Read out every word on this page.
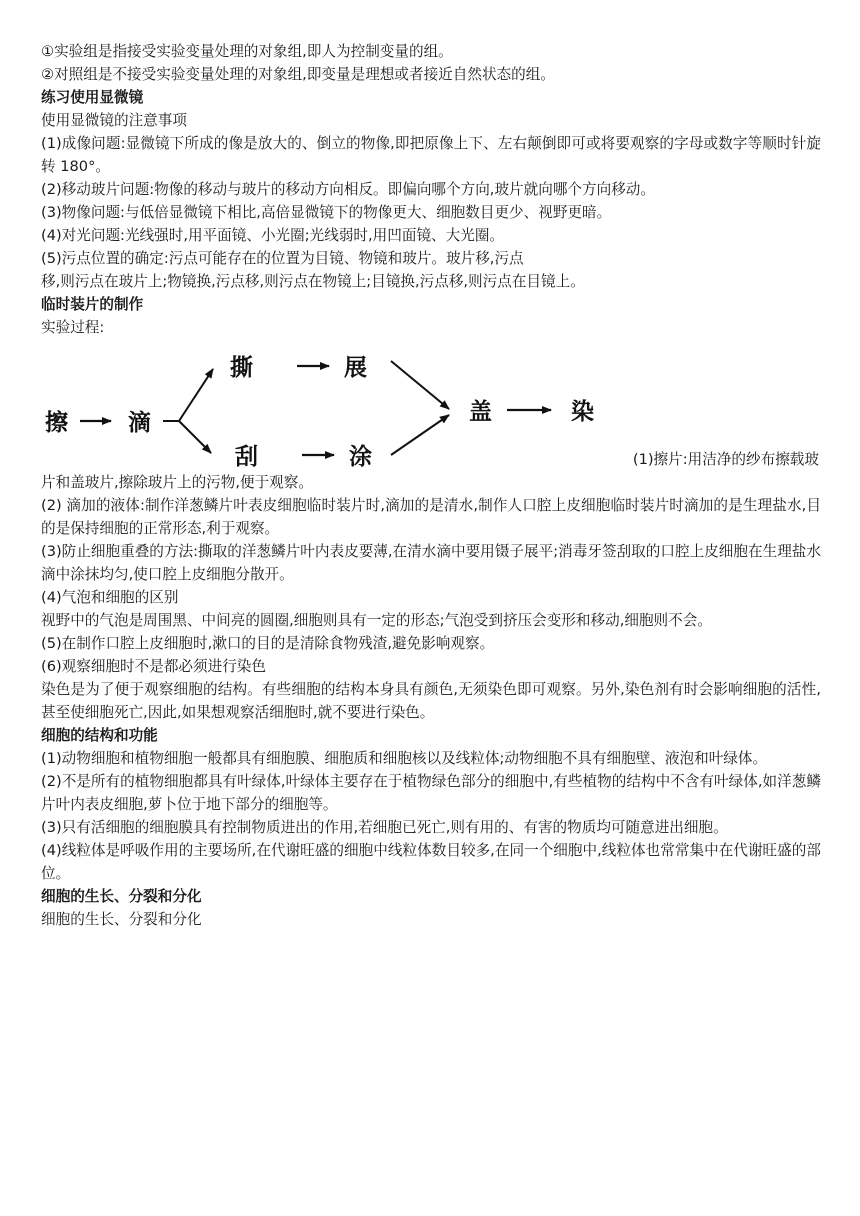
①实验组是指接受实验变量处理的对象组,即人为控制变量的组。
②对照组是不接受实验变量处理的对象组,即变量是理想或者接近自然状态的组。
练习使用显微镜
使用显微镜的注意事项
(1)成像问题:显微镜下所成的像是放大的、倒立的物像,即把原像上下、左右颠倒即可或将要观察的字母或数字等顺时针旋转 180°。
(2)移动玻片问题:物像的移动与玻片的移动方向相反。即偏向哪个方向,玻片就向哪个方向移动。
(3)物像问题:与低倍显微镜下相比,高倍显微镜下的物像更大、细胞数目更少、视野更暗。
(4)对光问题:光线强时,用平面镜、小光圈;光线弱时,用凹面镜、大光圈。
(5)污点位置的确定:污点可能存在的位置为目镜、物镜和玻片。玻片移,污点
移,则污点在玻片上;物镜换,污点移,则污点在物镜上;目镜换,污点移,则污点在目镜上。
临时装片的制作
实验过程:
擦	滴
撕	展
刮	涂
盖	染
(1)擦片:用洁净的纱布擦载玻
片和盖玻片,擦除玻片上的污物,便于观察。
(2) 滴加的液体:制作洋葱鳞片叶表皮细胞临时装片时,滴加的是清水,制作人口腔上皮细胞临时装片时滴加的是生理盐水,目的是保持细胞的正常形态,利于观察。
(3)防止细胞重叠的方法:撕取的洋葱鳞片叶内表皮要薄,在清水滴中要用镊子展平;消毒牙签刮取的口腔上皮细胞在生理盐水滴中涂抹均匀,使口腔上皮细胞分散开。
(4)气泡和细胞的区别
视野中的气泡是周围黑、中间亮的圆圈,细胞则具有一定的形态;气泡受到挤压会变形和移动,细胞则不会。
(5)在制作口腔上皮细胞时,漱口的目的是清除食物残渣,避免影响观察。
(6)观察细胞时不是都必须进行染色
染色是为了便于观察细胞的结构。有些细胞的结构本身具有颜色,无须染色即可观察。另外,染色剂有时会影响细胞的活性,甚至使细胞死亡,因此,如果想观察活细胞时,就不要进行染色。
细胞的结构和功能
(1)动物细胞和植物细胞一般都具有细胞膜、细胞质和细胞核以及线粒体;动物细胞不具有细胞壁、液泡和叶绿体。
(2)不是所有的植物细胞都具有叶绿体,叶绿体主要存在于植物绿色部分的细胞中,有些植物的结构中不含有叶绿体,如洋葱鳞片叶内表皮细胞,萝卜位于地下部分的细胞等。
(3)只有活细胞的细胞膜具有控制物质进出的作用,若细胞已死亡,则有用的、有害的物质均可随意进出细胞。
(4)线粒体是呼吸作用的主要场所,在代谢旺盛的细胞中线粒体数目较多,在同一个细胞中,线粒体也常常集中在代谢旺盛的部位。
细胞的生长、分裂和分化
细胞的生长、分裂和分化
